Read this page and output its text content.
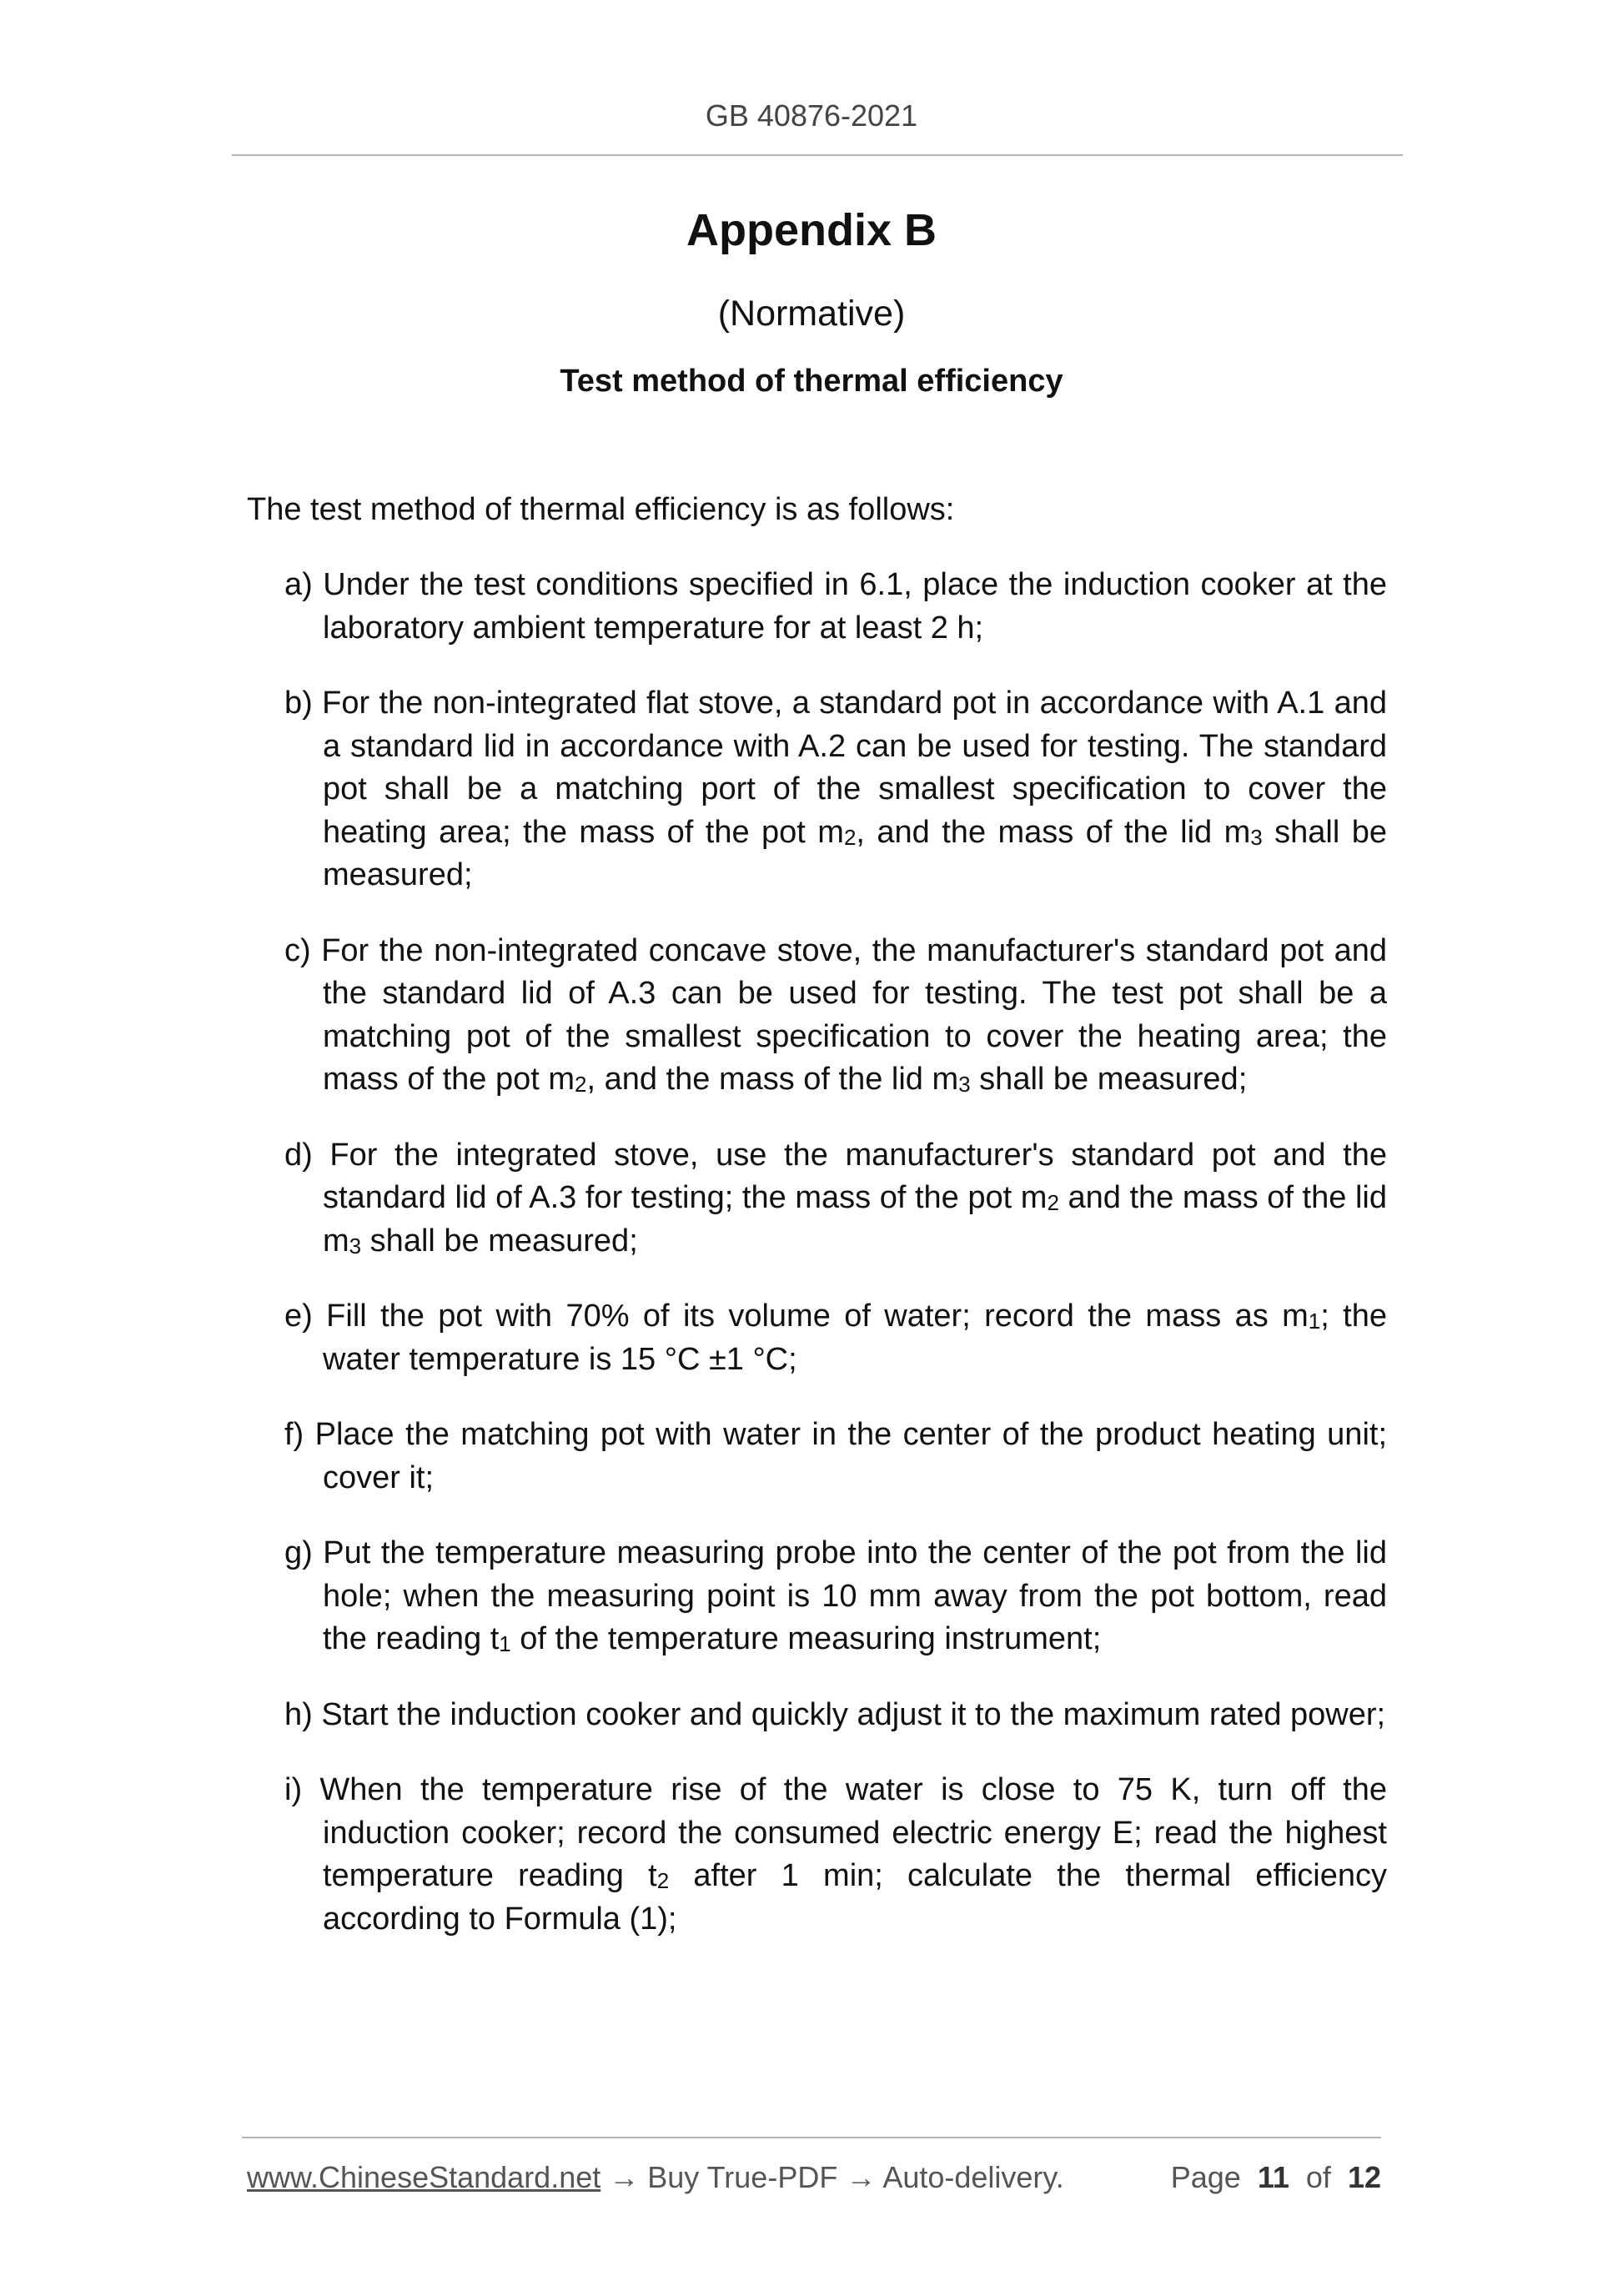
GB 40876-2021
Appendix B
(Normative)
Test method of thermal efficiency
The test method of thermal efficiency is as follows:
a) Under the test conditions specified in 6.1, place the induction cooker at the laboratory ambient temperature for at least 2 h;
b) For the non-integrated flat stove, a standard pot in accordance with A.1 and a standard lid in accordance with A.2 can be used for testing. The standard pot shall be a matching port of the smallest specification to cover the heating area; the mass of the pot $m_2$, and the mass of the lid $m_3$ shall be measured;
c) For the non-integrated concave stove, the manufacturer's standard pot and the standard lid of A.3 can be used for testing. The test pot shall be a matching pot of the smallest specification to cover the heating area; the mass of the pot $m_2$, and the mass of the lid $m_3$ shall be measured;
d) For the integrated stove, use the manufacturer's standard pot and the standard lid of A.3 for testing; the mass of the pot $m_2$ and the mass of the lid $m_3$ shall be measured;
e) Fill the pot with 70% of its volume of water; record the mass as $m_1$; the water temperature is 15 °C ±1 °C;
f) Place the matching pot with water in the center of the product heating unit; cover it;
g) Put the temperature measuring probe into the center of the pot from the lid hole; when the measuring point is 10 mm away from the pot bottom, read the reading $t_1$ of the temperature measuring instrument;
h) Start the induction cooker and quickly adjust it to the maximum rated power;
i) When the temperature rise of the water is close to 75 K, turn off the induction cooker; record the consumed electric energy E; read the highest temperature reading $t_2$ after 1 min; calculate the thermal efficiency according to Formula (1);
www.ChineseStandard.net → Buy True-PDF → Auto-delivery.	Page 11 of 12
